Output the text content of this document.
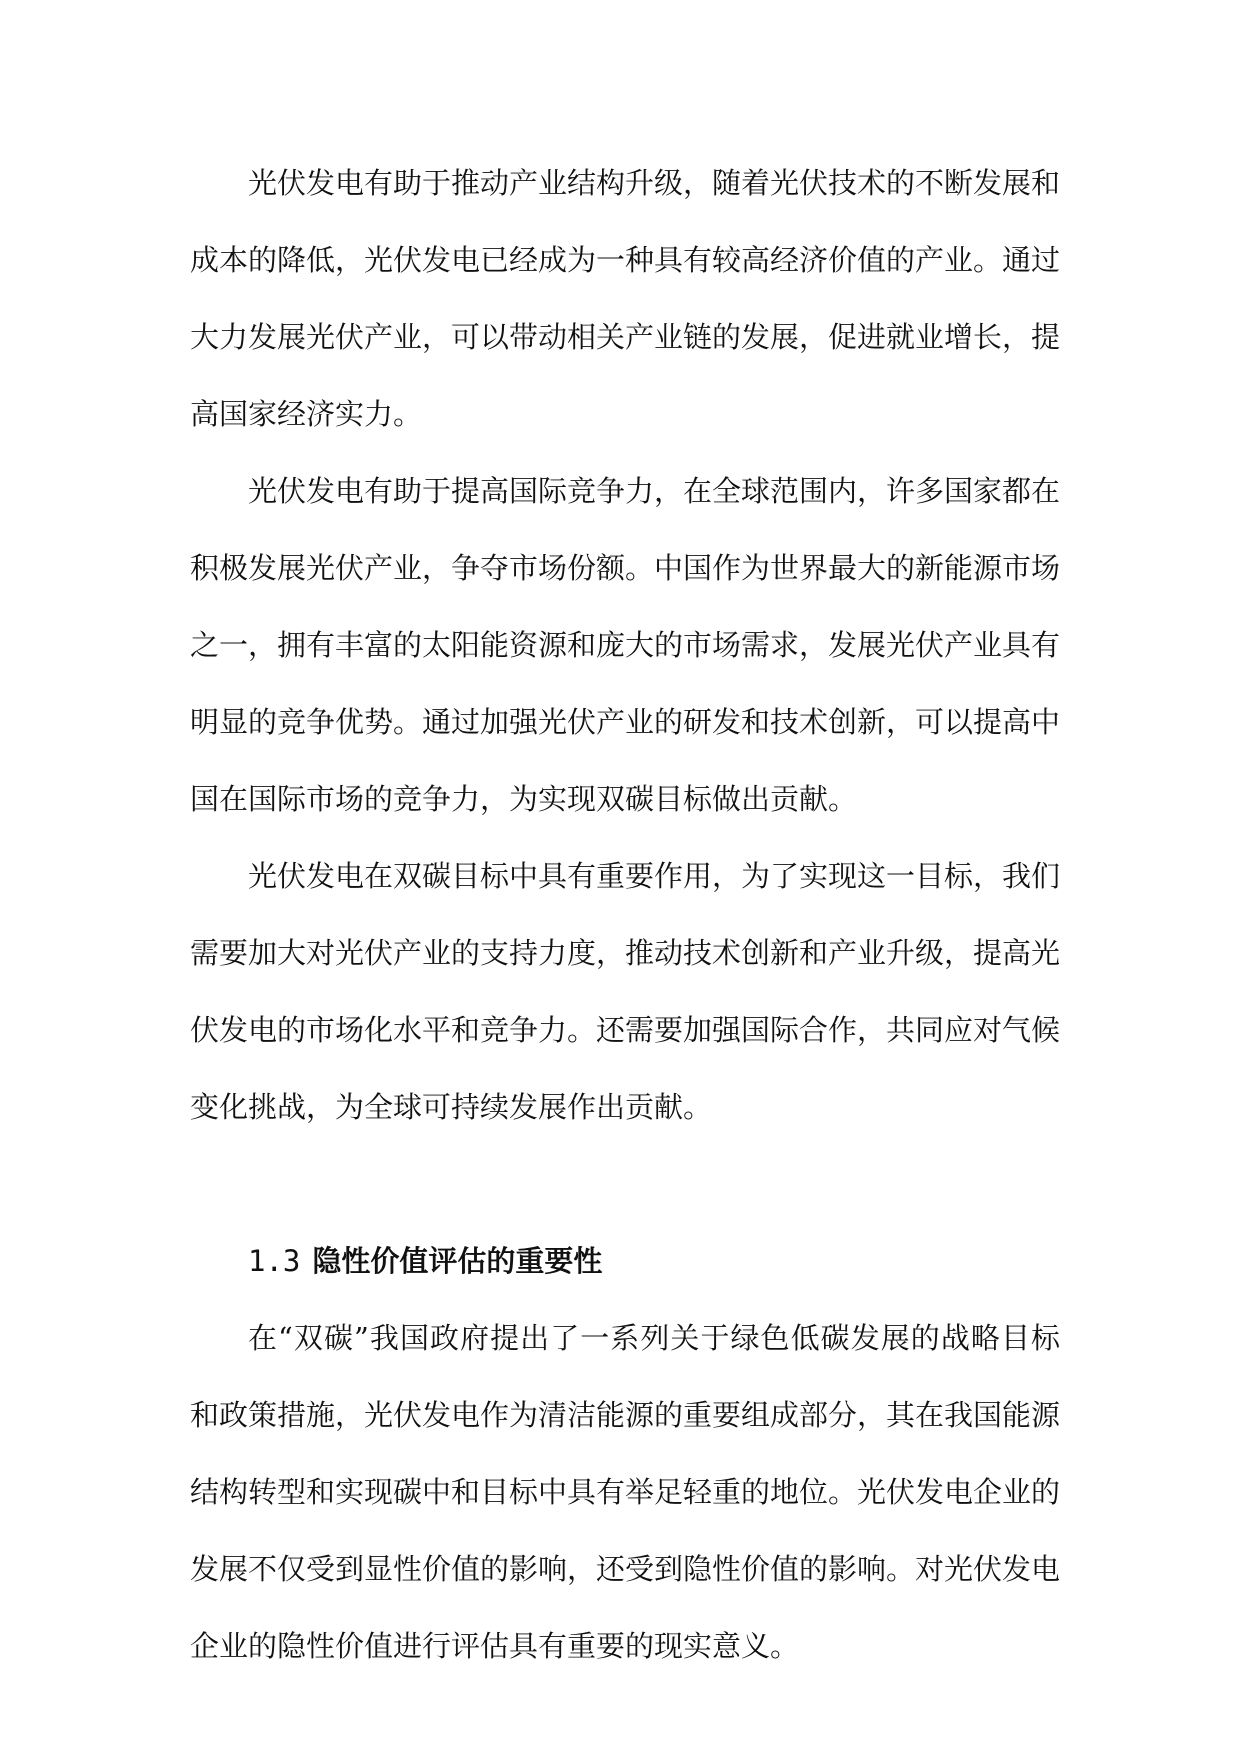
光伏发电有助于推动产业结构升级，随着光伏技术的不断发展和成本的降低，光伏发电已经成为一种具有较高经济价值的产业。通过大力发展光伏产业，可以带动相关产业链的发展，促进就业增长，提高国家经济实力。

光伏发电有助于提高国际竞争力，在全球范围内，许多国家都在积极发展光伏产业，争夺市场份额。中国作为世界最大的新能源市场之一，拥有丰富的太阳能资源和庞大的市场需求，发展光伏产业具有明显的竞争优势。通过加强光伏产业的研发和技术创新，可以提高中国在国际市场的竞争力，为实现双碳目标做出贡献。

光伏发电在双碳目标中具有重要作用，为了实现这一目标，我们需要加大对光伏产业的支持力度，推动技术创新和产业升级，提高光伏发电的市场化水平和竞争力。还需要加强国际合作，共同应对气候变化挑战，为全球可持续发展作出贡献。

1.3 隐性价值评估的重要性

在“双碳”我国政府提出了一系列关于绿色低碳发展的战略目标和政策措施，光伏发电作为清洁能源的重要组成部分，其在我国能源结构转型和实现碳中和目标中具有举足轻重的地位。光伏发电企业的发展不仅受到显性价值的影响，还受到隐性价值的影响。对光伏发电企业的隐性价值进行评估具有重要的现实意义。
